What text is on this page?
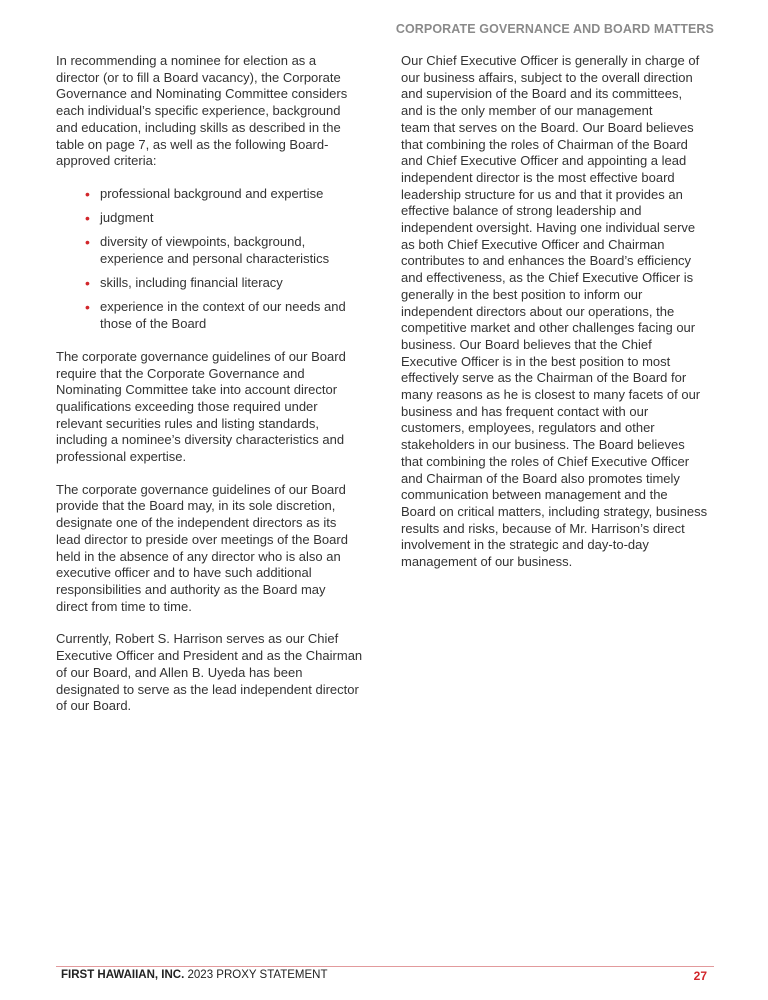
CORPORATE GOVERNANCE AND BOARD MATTERS
In recommending a nominee for election as a
director (or to fill a Board vacancy), the Corporate
Governance and Nominating Committee considers
each individual’s specific experience, background
and education, including skills as described in the
table on page 7, as well as the following Board-
approved criteria:
• professional background and expertise
• judgment
• diversity of viewpoints, background,
experience and personal characteristics
• skills, including financial literacy
• experience in the context of our needs and
those of the Board
The corporate governance guidelines of our Board
require that the Corporate Governance and
Nominating Committee take into account director
qualifications exceeding those required under
relevant securities rules and listing standards,
including a nominee’s diversity characteristics and
professional expertise.
The corporate governance guidelines of our Board
provide that the Board may, in its sole discretion,
designate one of the independent directors as its
lead director to preside over meetings of the Board
held in the absence of any director who is also an
executive officer and to have such additional
responsibilities and authority as the Board may
direct from time to time.
Currently, Robert S. Harrison serves as our Chief
Executive Officer and President and as the Chairman
of our Board, and Allen B. Uyeda has been
designated to serve as the lead independent director
of our Board.
Our Chief Executive Officer is generally in charge of
our business affairs, subject to the overall direction
and supervision of the Board and its committees,
and is the only member of our management
team that serves on the Board. Our Board believes
that combining the roles of Chairman of the Board
and Chief Executive Officer and appointing a lead
independent director is the most effective board
leadership structure for us and that it provides an
effective balance of strong leadership and
independent oversight. Having one individual serve
as both Chief Executive Officer and Chairman
contributes to and enhances the Board’s efficiency
and effectiveness, as the Chief Executive Officer is
generally in the best position to inform our
independent directors about our operations, the
competitive market and other challenges facing our
business. Our Board believes that the Chief
Executive Officer is in the best position to most
effectively serve as the Chairman of the Board for
many reasons as he is closest to many facets of our
business and has frequent contact with our
customers, employees, regulators and other
stakeholders in our business. The Board believes
that combining the roles of Chief Executive Officer
and Chairman of the Board also promotes timely
communication between management and the
Board on critical matters, including strategy, business
results and risks, because of Mr. Harrison’s direct
involvement in the strategic and day-to-day
management of our business.
FIRST HAWAIIAN, INC. 2023 PROXY STATEMENT	27
